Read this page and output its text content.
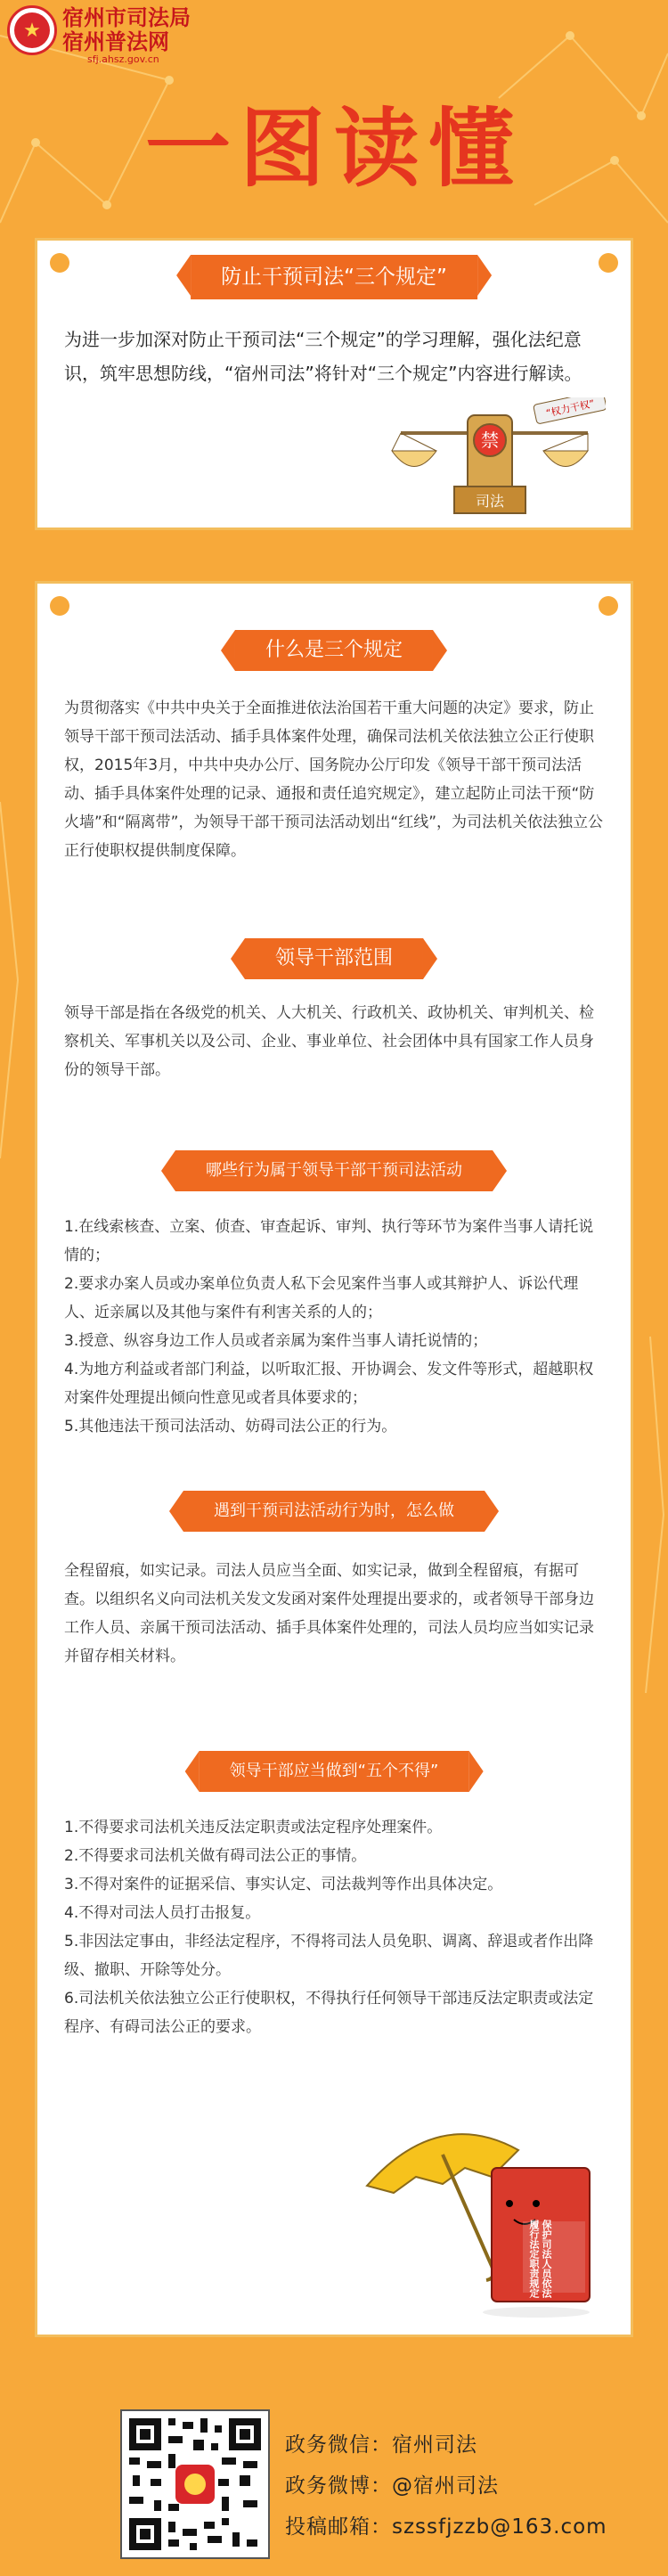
★	宿州市司法局
宿州普法网
sfj.ahsz.gov.cn
一图读懂
防止干预司法“三个规定”
为进一步加深对防止干预司法“三个规定”的学习理解，强化法纪意识，筑牢思想防线，“宿州司法”将针对“三个规定”内容进行解读。
禁
司法
“权力干权”
什么是三个规定
为贯彻落实《中共中央关于全面推进依法治国若干重大问题的决定》要求，防止领导干部干预司法活动、插手具体案件处理，确保司法机关依法独立公正行使职权，2015年3月，中共中央办公厅、国务院办公厅印发《领导干部干预司法活动、插手具体案件处理的记录、通报和责任追究规定》，建立起防止司法干预“防火墙”和“隔离带”，为领导干部干预司法活动划出“红线”，为司法机关依法独立公正行使职权提供制度保障。
领导干部范围
领导干部是指在各级党的机关、人大机关、行政机关、政协机关、审判机关、检察机关、军事机关以及公司、企业、事业单位、社会团体中具有国家工作人员身份的领导干部。
哪些行为属于领导干部干预司法活动

1.在线索核查、立案、侦查、审查起诉、审判、执行等环节为案件当事人请托说情的；

2.要求办案人员或办案单位负责人私下会见案件当事人或其辩护人、诉讼代理人、近亲属以及其他与案件有利害关系的人的；

3.授意、纵容身边工作人员或者亲属为案件当事人请托说情的；

4.为地方利益或者部门利益，以听取汇报、开协调会、发文件等形式，超越职权对案件处理提出倾向性意见或者具体要求的；

5.其他违法干预司法活动、妨碍司法公正的行为。

遇到干预司法活动行为时，怎么做
全程留痕，如实记录。司法人员应当全面、如实记录，做到全程留痕，有据可查。以组织名义向司法机关发文发函对案件处理提出要求的，或者领导干部身边工作人员、亲属干预司法活动、插手具体案件处理的，司法人员均应当如实记录并留存相关材料。
领导干部应当做到“五个不得”

1.不得要求司法机关违反法定职责或法定程序处理案件。

2.不得要求司法机关做有碍司法公正的事情。

3.不得对案件的证据采信、事实认定、司法裁判等作出具体决定。

4.不得对司法人员打击报复。

5.非因法定事由，非经法定程序，不得将司法人员免职、调离、辞退或者作出降级、撤职、开除等处分。

6.司法机关依法独立公正行使职权，不得执行任何领导干部违反法定职责或法定程序、有碍司法公正的要求。

保护司法人员依法履行法定职责规定
政务微信：宿州司法
政务微博：@宿州司法
投稿邮箱：szssfjzzb@163.com
